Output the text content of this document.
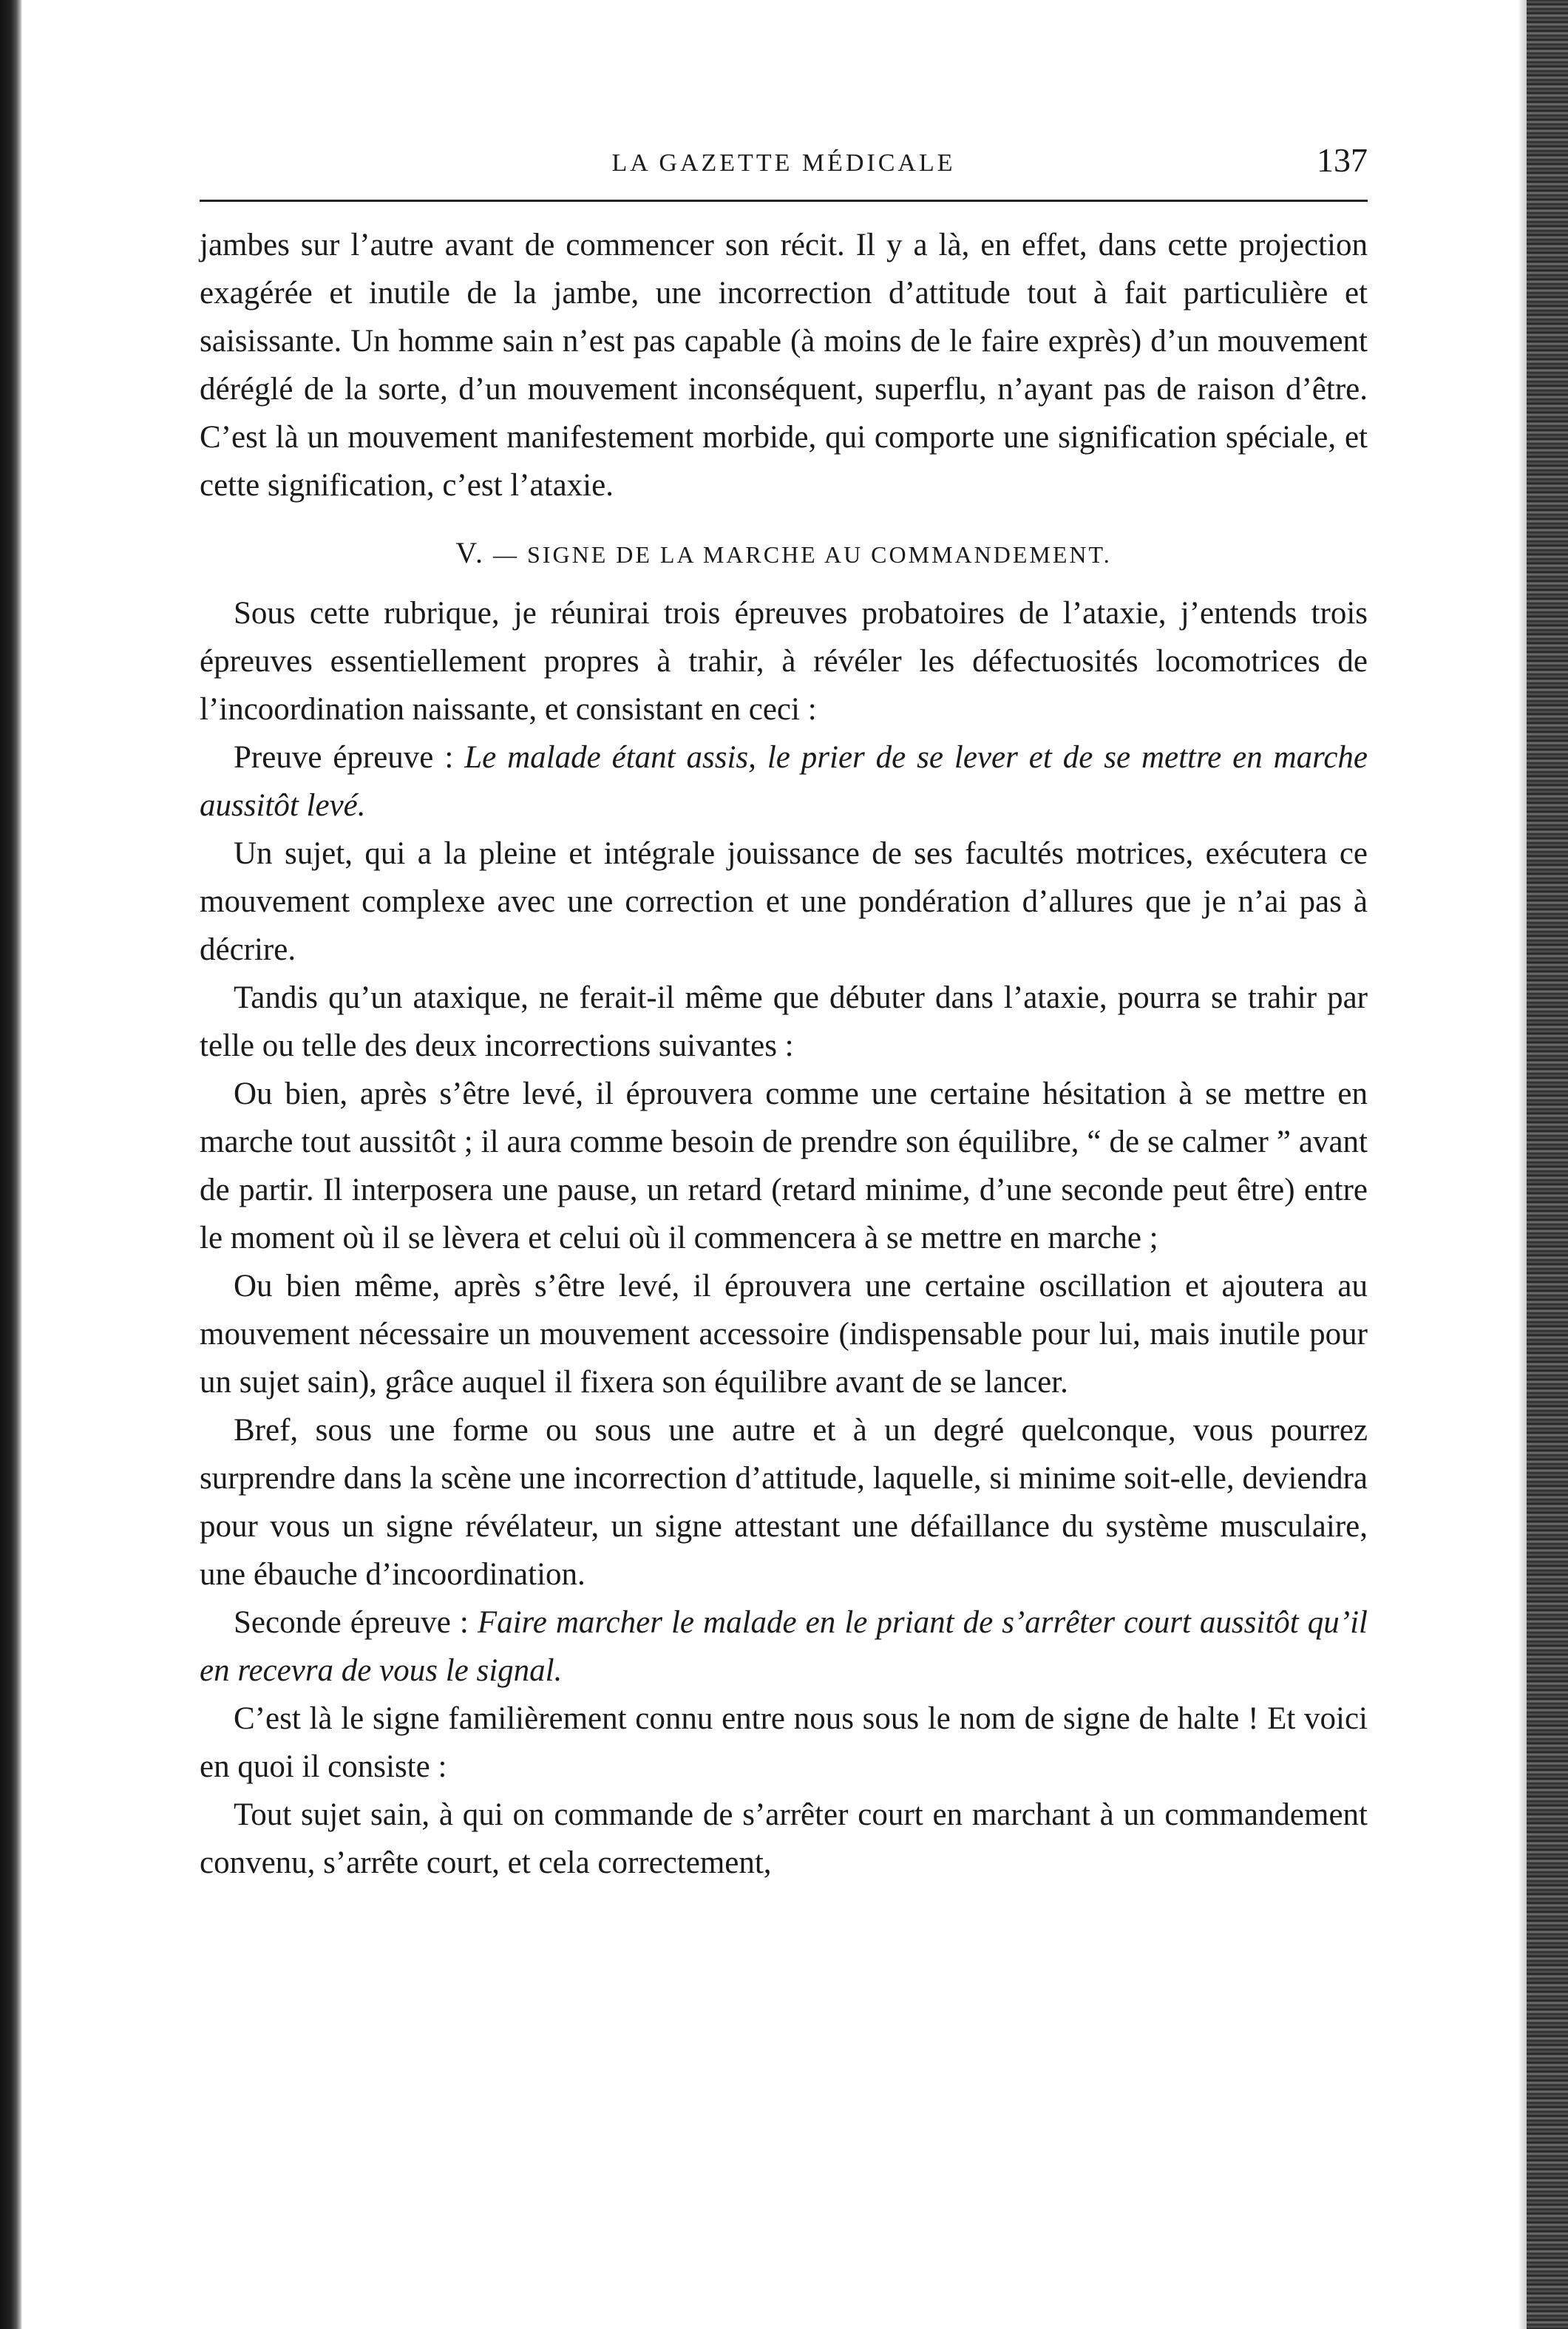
LA GAZETTE MÉDICALE	137

jambes sur l’autre avant de commencer son récit. Il y a là, en effet, dans cette projection exagérée et inutile de la jambe, une incorrection d’attitude tout à fait particulière et saisissante. Un homme sain n’est pas capable (à moins de le faire exprès) d’un mouvement déréglé de la sorte, d’un mouvement inconséquent, superflu, n’ayant pas de raison d’être. C’est là un mouvement manifestement morbide, qui comporte une signification spéciale, et cette signification, c’est l’ataxie.

V. — SIGNE DE LA MARCHE AU COMMANDEMENT.

Sous cette rubrique, je réunirai trois épreuves probatoires de l’ataxie, j’entends trois épreuves essentiellement propres à trahir, à révéler les défectuosités locomotrices de l’incoordination naissante, et consistant en ceci :

Preuve épreuve : Le malade étant assis, le prier de se lever et de se mettre en marche aussitôt levé.

Un sujet, qui a la pleine et intégrale jouissance de ses facultés motrices, exécutera ce mouvement complexe avec une correction et une pondération d’allures que je n’ai pas à décrire.

Tandis qu’un ataxique, ne ferait-il même que débuter dans l’ataxie, pourra se trahir par telle ou telle des deux incorrections suivantes :

Ou bien, après s’être levé, il éprouvera comme une certaine hésitation à se mettre en marche tout aussitôt ; il aura comme besoin de prendre son équilibre, “ de se calmer ” avant de partir. Il interposera une pause, un retard (retard minime, d’une seconde peut être) entre le moment où il se lèvera et celui où il commencera à se mettre en marche ;

Ou bien même, après s’être levé, il éprouvera une certaine oscillation et ajoutera au mouvement nécessaire un mouvement accessoire (indispensable pour lui, mais inutile pour un sujet sain), grâce auquel il fixera son équilibre avant de se lancer.

Bref, sous une forme ou sous une autre et à un degré quelconque, vous pourrez surprendre dans la scène une incorrection d’attitude, laquelle, si minime soit-elle, deviendra pour vous un signe révélateur, un signe attestant une défaillance du système musculaire, une ébauche d’incoordination.

Seconde épreuve : Faire marcher le malade en le priant de s’arrêter court aussitôt qu’il en recevra de vous le signal.

C’est là le signe familièrement connu entre nous sous le nom de signe de halte ! Et voici en quoi il consiste :

Tout sujet sain, à qui on commande de s’arrêter court en marchant à un commandement convenu, s’arrête court, et cela correctement,
